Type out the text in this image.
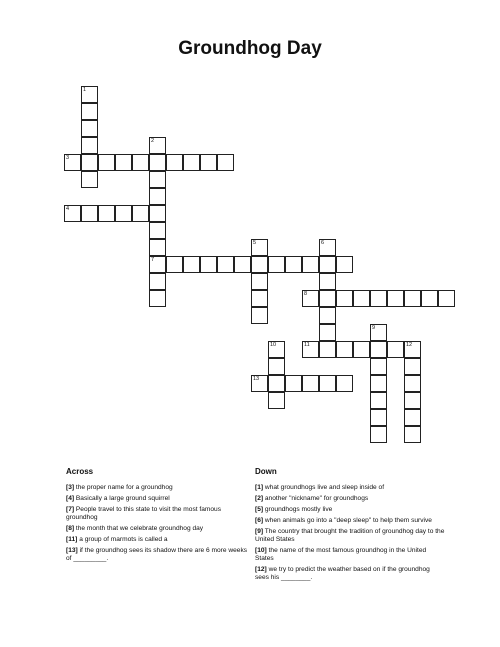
Groundhog Day
1
2
7
5	6
9
10	12
3
4
8
11
13
Across	Down
[3] the proper name for a groundhog
[4] Basically a large ground squirrel
[7] People travel to this state to visit the most famous groundhog
[8] the month that we celebrate groundhog day
[11] a group of marmots is called a
[13] if the groundhog sees its shadow there are 6 more weeks of _________.
[1] what groundhogs live and sleep inside of
[2] another "nickname" for groundhogs
[5] groundhogs mostly live
[6] when animals go into a "deep sleep" to help them survive
[9] The country that brought the tradition of groundhog day to the United States
[10] the name of the most famous groundhog in the United States
[12] we try to predict the weather based on if the groundhog sees his ________.
